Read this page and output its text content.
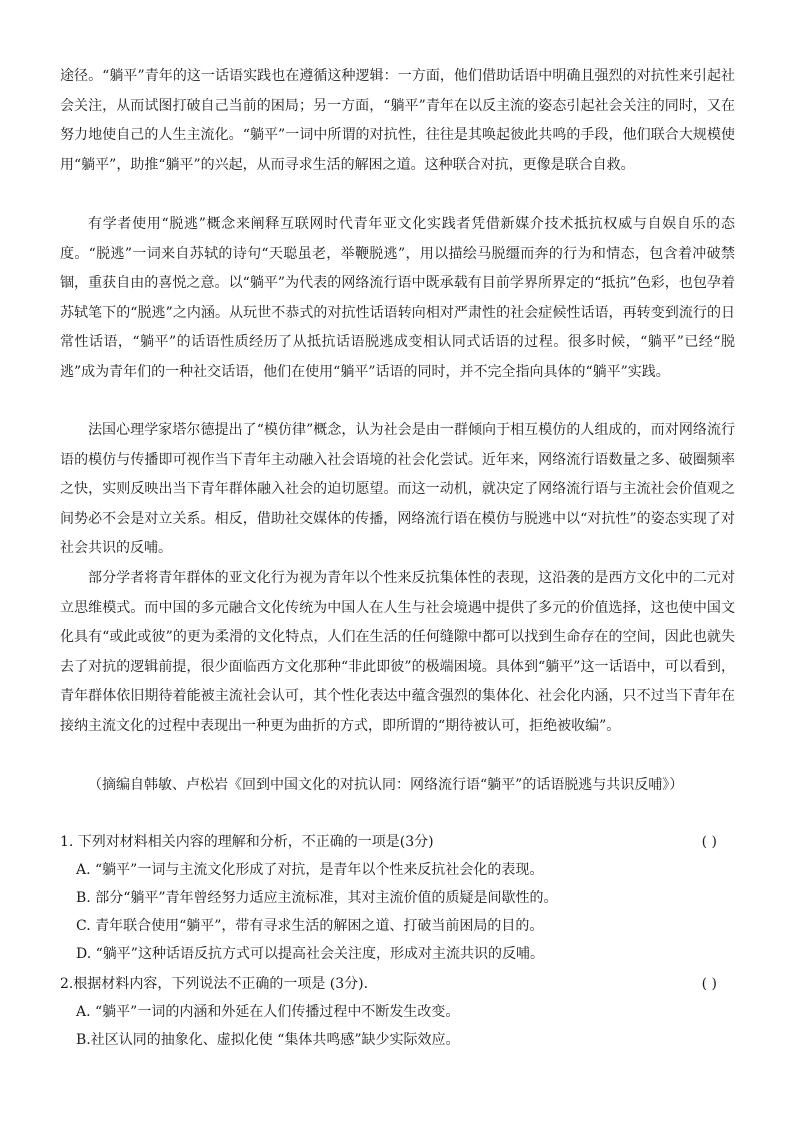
途径。“躺平”青年的这一话语实践也在遵循这种逻辑：一方面，他们借助话语中明确且强烈的对抗性来引起社会关注，从而试图打破自己当前的困局；另一方面，“躺平”青年在以反主流的姿态引起社会关注的同时，又在努力地使自己的人生主流化。“躺平”一词中所谓的对抗性，往往是其唤起彼此共鸣的手段，他们联合大规模使用“躺平”，助推“躺平”的兴起，从而寻求生活的解困之道。这种联合对抗，更像是联合自救。

有学者使用“脱逃”概念来阐释互联网时代青年亚文化实践者凭借新媒介技术抵抗权威与自娱自乐的态度。“脱逃”一词来自苏轼的诗句“天聪虽老，举鞭脱逃”，用以描绘马脱缰而奔的行为和情态，包含着冲破禁锢，重获自由的喜悦之意。以“躺平”为代表的网络流行语中既承载有目前学界所界定的“抵抗”色彩，也包孕着苏轼笔下的“脱逃”之内涵。从玩世不恭式的对抗性话语转向相对严肃性的社会症候性话语，再转变到流行的日常性话语，“躺平”的话语性质经历了从抵抗话语脱逃成变相认同式话语的过程。很多时候，“躺平”已经“脱逃”成为青年们的一种社交话语，他们在使用“躺平”话语的同时，并不完全指向具体的“躺平”实践。

法国心理学家塔尔德提出了“模仿律”概念，认为社会是由一群倾向于相互模仿的人组成的，而对网络流行语的模仿与传播即可视作当下青年主动融入社会语境的社会化尝试。近年来，网络流行语数量之多、破圈频率之快，实则反映出当下青年群体融入社会的迫切愿望。而这一动机，就决定了网络流行语与主流社会价值观之间势必不会是对立关系。相反，借助社交媒体的传播，网络流行语在模仿与脱逃中以“对抗性”的姿态实现了对社会共识的反哺。

部分学者将青年群体的亚文化行为视为青年以个性来反抗集体性的表现，这沿袭的是西方文化中的二元对立思维模式。而中国的多元融合文化传统为中国人在人生与社会境遇中提供了多元的价值选择，这也使中国文化具有“或此或彼”的更为柔滑的文化特点，人们在生活的任何缝隙中都可以找到生命存在的空间，因此也就失去了对抗的逻辑前提，很少面临西方文化那种“非此即彼”的极端困境。具体到“躺平”这一话语中，可以看到，青年群体依旧期待着能被主流社会认可，其个性化表达中蕴含强烈的集体化、社会化内涵，只不过当下青年在接纳主流文化的过程中表现出一种更为曲折的方式，即所谓的“期待被认可，拒绝被收编”。

（摘编自韩敏、卢松岩《回到中国文化的对抗认同：网络流行语“躺平”的话语脱逃与共识反哺》）

1. 下列对材料相关内容的理解和分析，不正确的一项是(3分)	( )
A. “躺平”一词与主流文化形成了对抗，是青年以个性来反抗社会化的表现。
B. 部分“躺平”青年曾经努力适应主流标准，其对主流价值的质疑是间歇性的。
C. 青年联合使用“躺平”，带有寻求生活的解困之道、打破当前困局的目的。
D. “躺平”这种话语反抗方式可以提高社会关注度，形成对主流共识的反哺。
2.根据材料内容，下列说法不正确的一项是 (3分).	( )
A. “躺平”一词的内涵和外延在人们传播过程中不断发生改变。
B.社区认同的抽象化、虚拟化使 “集体共鸣感”缺少实际效应。
